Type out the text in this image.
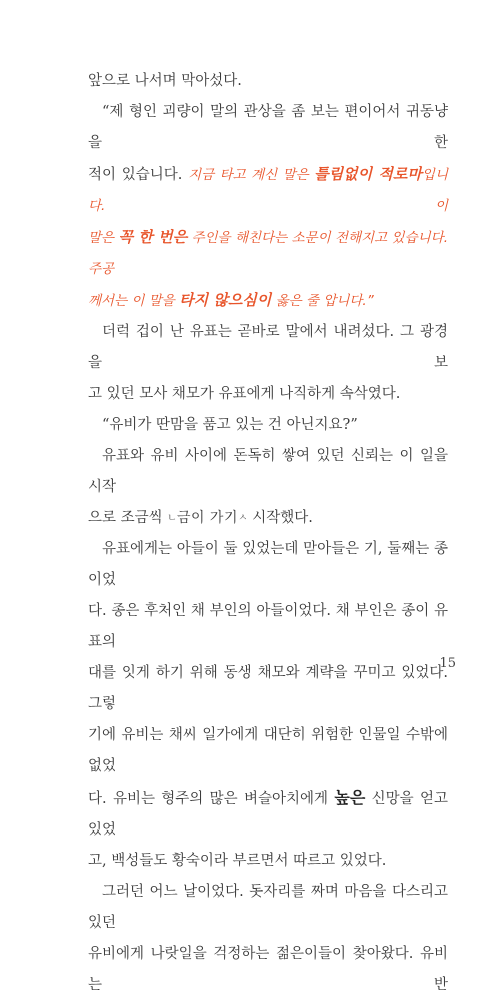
앞으로 나서며 막아섰다.

“제 형인 괴량이 말의 관상을 좀 보는 편이어서 귀동냥을 한

적이 있습니다. 지금 타고 계신 말은 틀림없이 적로마입니다. 이

말은 꼭 한 번은 주인을 해친다는 소문이 전해지고 있습니다. 주공

께서는 이 말을 타지 않으심이 옳은 줄 압니다.”

더럭 겁이 난 유표는 곧바로 말에서 내려섰다. 그 광경을 보

고 있던 모사 채모가 유표에게 나직하게 속삭였다.

“유비가 딴맘을 품고 있는 건 아닌지요?”

유표와 유비 사이에 돈독히 쌓여 있던 신뢰는 이 일을 시작

으로 조금씩 ㄴ금이 가기ㅅ 시작했다.

유표에게는 아들이 둘 있었는데 맏아들은 기, 둘째는 종이었

다. 종은 후처인 채 부인의 아들이었다. 채 부인은 종이 유표의

대를 잇게 하기 위해 동생 채모와 계략을 꾸미고 있었다. 그렇

기에 유비는 채씨 일가에게 대단히 위험한 인물일 수밖에 없었

다. 유비는 형주의 많은 벼슬아치에게 높은 신망을 얻고 있었

고, 백성들도 황숙이라 부르면서 따르고 있었다.

그러던 어느 날이었다. 돗자리를 짜며 마음을 다스리고 있던

유비에게 나랏일을 걱정하는 젊은이들이 찾아왔다. 유비는 반

15
